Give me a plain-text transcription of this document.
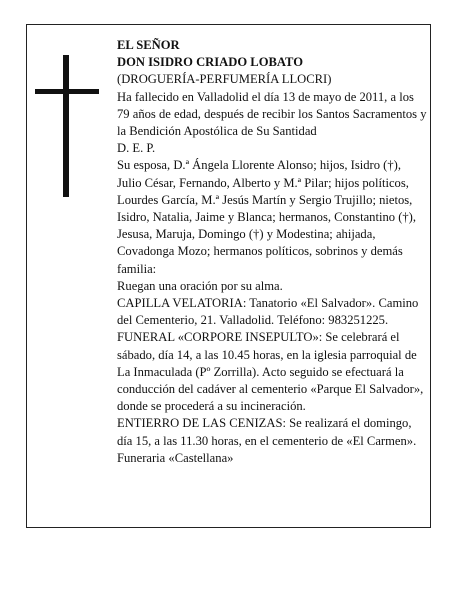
EL SEÑOR

DON ISIDRO CRIADO LOBATO

(DROGUERÍA-PERFUMERÍA LLOCRI)

Ha fallecido en Valladolid el día 13 de mayo de 2011, a los 79 años de edad, después de recibir los Santos Sacramentos y la Bendición Apostólica de Su Santidad

D. E. P.

Su esposa, D.ª Ángela Llorente Alonso; hijos, Isidro (†), Julio César, Fernando, Alberto y M.ª Pilar; hijos políticos, Lourdes García, M.ª Jesús Martín y Sergio Trujillo; nietos, Isidro, Natalia, Jaime y Blanca; hermanos, Constantino (†), Jesusa, Maruja, Domingo (†) y Modestina; ahijada, Covadonga Mozo; hermanos políticos, sobrinos y demás familia:

Ruegan una oración por su alma.

CAPILLA VELATORIA: Tanatorio «El Salvador». Camino del Cementerio, 21. Valladolid. Teléfono: 983251225.

FUNERAL «CORPORE INSEPULTO»: Se celebrará el sábado, día 14, a las 10.45 horas, en la iglesia parroquial de La Inmaculada (Pº Zorrilla). Acto seguido se efectuará la conducción del cadáver al cementerio «Parque El Salvador», donde se procederá a su incineración.

ENTIERRO DE LAS CENIZAS: Se realizará el domingo, día 15, a las 11.30 horas, en el cementerio de «El Carmen».

Funeraria «Castellana»
